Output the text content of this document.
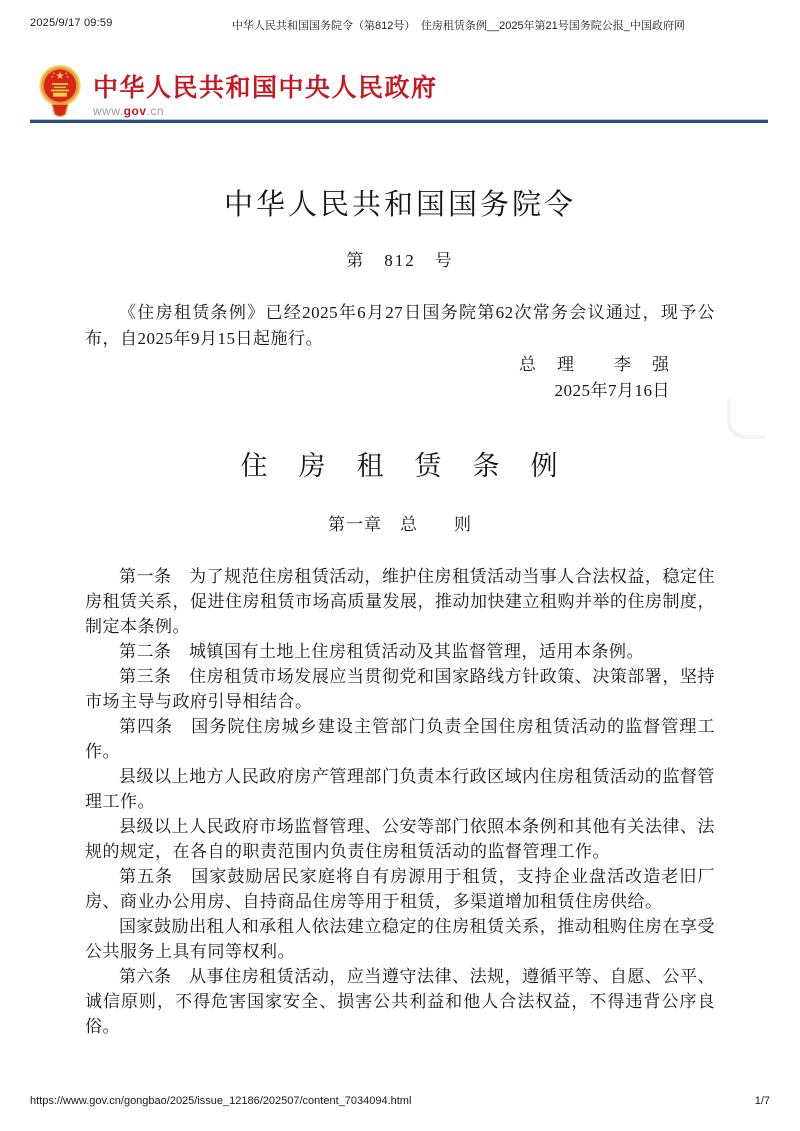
2025/9/17 09:59	中华人民共和国国务院令（第812号）　住房租赁条例__2025年第21号国务院公报_中国政府网
中华人民共和国中央人民政府
www.gov.cn
中华人民共和国国务院令
第　812　号

《住房租赁条例》已经2025年6月27日国务院第62次常务会议通过，现予公布，自2025年9月15日起施行。

总　理　　李　强
2025年7月16日
住　房　租　赁　条　例
第一章　总　　则

第一条　为了规范住房租赁活动，维护住房租赁活动当事人合法权益，稳定住房租赁关系，促进住房租赁市场高质量发展，推动加快建立租购并举的住房制度，制定本条例。

第二条　城镇国有土地上住房租赁活动及其监督管理，适用本条例。

第三条　住房租赁市场发展应当贯彻党和国家路线方针政策、决策部署，坚持市场主导与政府引导相结合。

第四条　国务院住房城乡建设主管部门负责全国住房租赁活动的监督管理工作。

县级以上地方人民政府房产管理部门负责本行政区域内住房租赁活动的监督管理工作。

县级以上人民政府市场监督管理、公安等部门依照本条例和其他有关法律、法规的规定，在各自的职责范围内负责住房租赁活动的监督管理工作。

第五条　国家鼓励居民家庭将自有房源用于租赁，支持企业盘活改造老旧厂房、商业办公用房、自持商品住房等用于租赁，多渠道增加租赁住房供给。

国家鼓励出租人和承租人依法建立稳定的住房租赁关系，推动租购住房在享受公共服务上具有同等权利。

第六条　从事住房租赁活动，应当遵守法律、法规，遵循平等、自愿、公平、诚信原则，不得危害国家安全、损害公共利益和他人合法权益，不得违背公序良俗。

https://www.gov.cn/gongbao/2025/issue_12186/202507/content_7034094.html	1/7
